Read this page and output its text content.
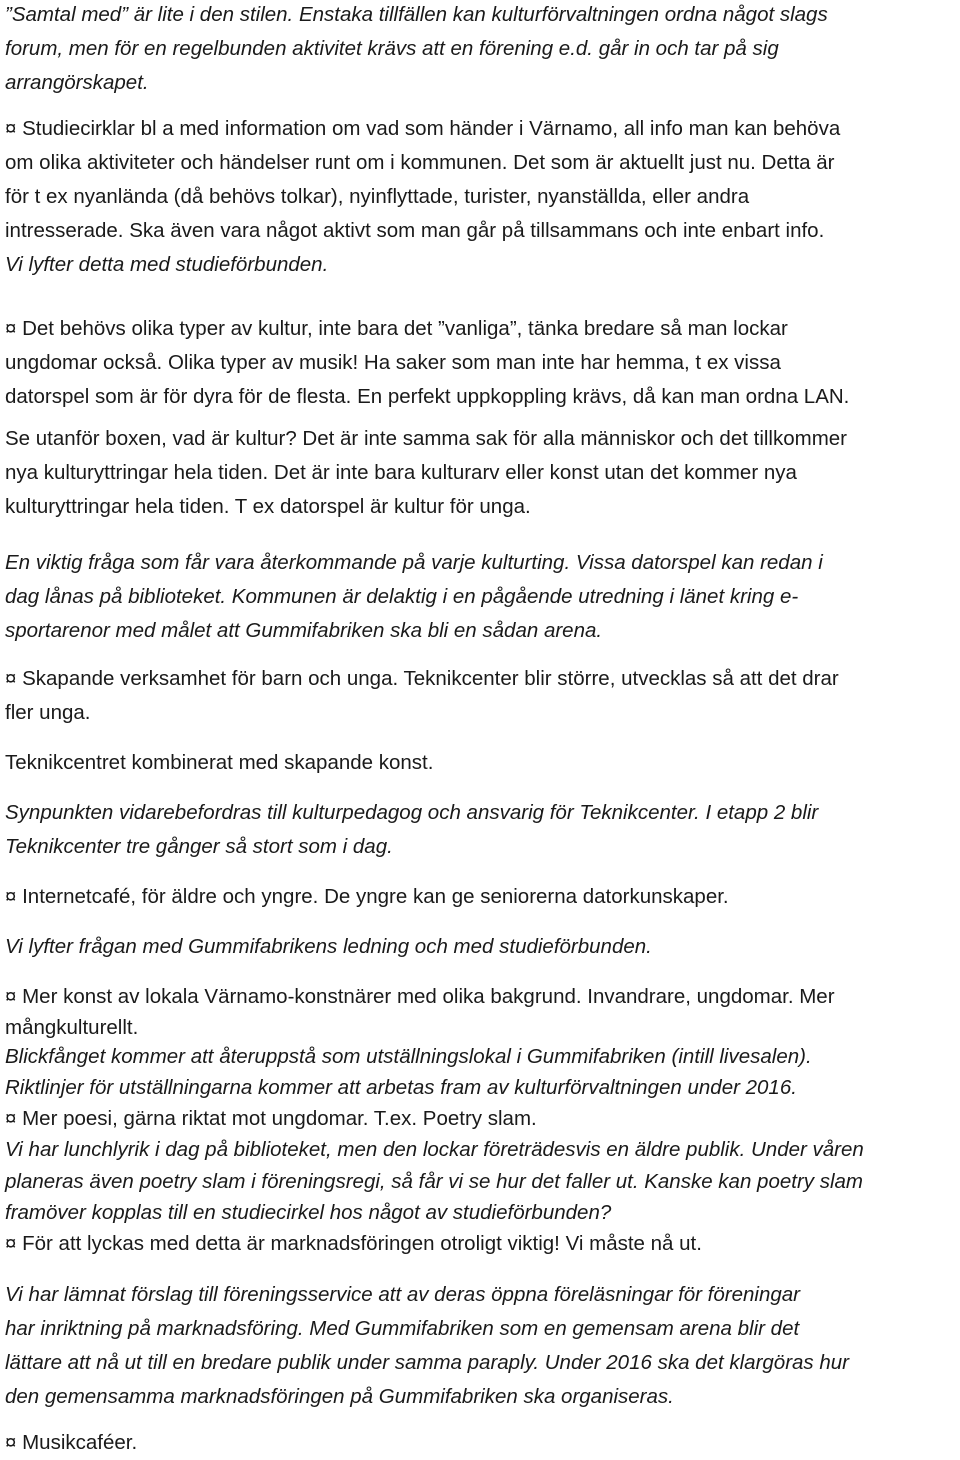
”Samtal med” är lite i den stilen. Enstaka tillfällen kan kulturförvaltningen ordna något slags

forum, men för en regelbunden aktivitet krävs att en förening e.d. går in och tar på sig

arrangörskapet.

¤ Studiecirklar bl a med information om vad som händer i Värnamo, all info man kan behöva

om olika aktiviteter och händelser runt om i kommunen. Det som är aktuellt just nu. Detta är

för t ex nyanlända (då behövs tolkar), nyinflyttade, turister, nyanställda, eller andra

intresserade. Ska även vara något aktivt som man går på tillsammans och inte enbart info.

Vi lyfter detta med studieförbunden.

¤ Det behövs olika typer av kultur, inte bara det ”vanliga”, tänka bredare så man lockar

ungdomar också. Olika typer av musik! Ha saker som man inte har hemma, t ex vissa

datorspel som är för dyra för de flesta. En perfekt uppkoppling krävs, då kan man ordna LAN.

Se utanför boxen, vad är kultur? Det är inte samma sak för alla människor och det tillkommer

nya kulturyttringar hela tiden. Det är inte bara kulturarv eller konst utan det kommer nya

kulturyttringar hela tiden. T ex datorspel är kultur för unga.

En viktig fråga som får vara återkommande på varje kulturting. Vissa datorspel kan redan i

dag lånas på biblioteket. Kommunen är delaktig i en pågående utredning i länet kring e-

sportarenor med målet att Gummifabriken ska bli en sådan arena.

¤ Skapande verksamhet för barn och unga. Teknikcenter blir större, utvecklas så att det drar

fler unga.

Teknikcentret kombinerat med skapande konst.

Synpunkten vidarebefordras till kulturpedagog och ansvarig för Teknikcenter. I etapp 2 blir

Teknikcenter tre gånger så stort som i dag.

¤ Internetcafé, för äldre och yngre. De yngre kan ge seniorerna datorkunskaper.

Vi lyfter frågan med Gummifabrikens ledning och med studieförbunden.

¤ Mer konst av lokala Värnamo-konstnärer med olika bakgrund. Invandrare, ungdomar. Mer

mångkulturellt.

Blickfånget kommer att återuppstå som utställningslokal i Gummifabriken (intill livesalen).

Riktlinjer för utställningarna kommer att arbetas fram av kulturförvaltningen under 2016.

¤ Mer poesi, gärna riktat mot ungdomar. T.ex. Poetry slam.

Vi har lunchlyrik i dag på biblioteket, men den lockar företrädesvis en äldre publik. Under våren

planeras även poetry slam i föreningsregi, så får vi se hur det faller ut. Kanske kan poetry slam

framöver kopplas till en studiecirkel hos något av studieförbunden?

¤ För att lyckas med detta är marknadsföringen otroligt viktig! Vi måste nå ut.

Vi har lämnat förslag till föreningsservice att av deras öppna föreläsningar för föreningar

har inriktning på marknadsföring. Med Gummifabriken som en gemensam arena blir det

lättare att nå ut till en bredare publik under samma paraply. Under 2016 ska det klargöras hur

den gemensamma marknadsföringen på Gummifabriken ska organiseras.

¤ Musikcaféer.
